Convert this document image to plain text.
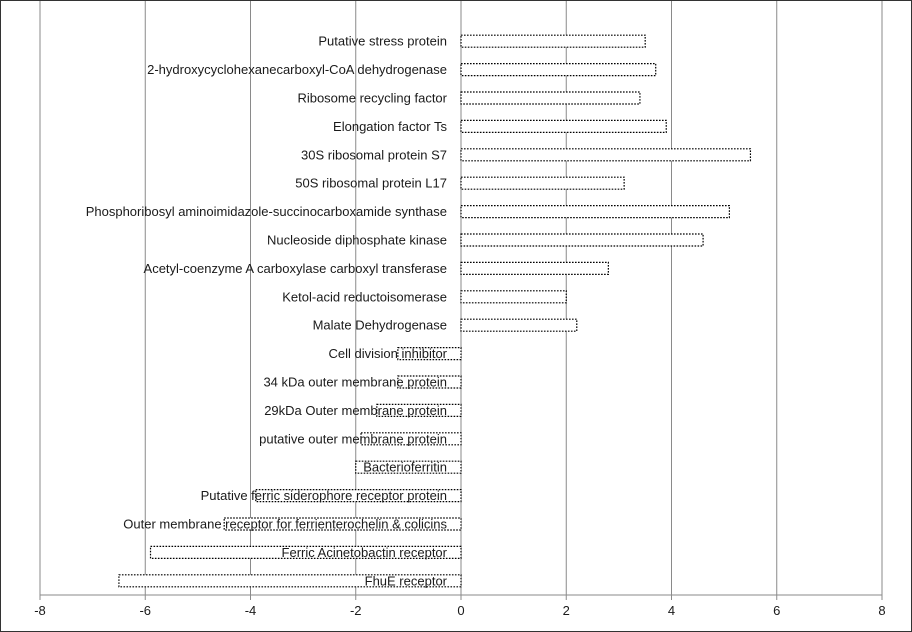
Putative stress protein
2-hydroxycyclohexanecarboxyl-CoA dehydrogenase
Ribosome recycling factor
Elongation factor Ts
30S ribosomal protein S7
50S ribosomal protein L17
Phosphoribosyl aminoimidazole-succinocarboxamide synthase
Nucleoside diphosphate kinase
Acetyl-coenzyme A carboxylase carboxyl transferase
Ketol-acid reductoisomerase
Malate Dehydrogenase
Cell division inhibitor
34 kDa outer membrane protein
29kDa Outer membrane protein
putative outer membrane protein
Bacterioferritin
Putative ferric siderophore receptor protein
Outer membrane receptor for ferrienterochelin & colicins
Ferric Acinetobactin receptor
FhuE receptor
-8	-6	-4	-2	0	2	4	6	8
